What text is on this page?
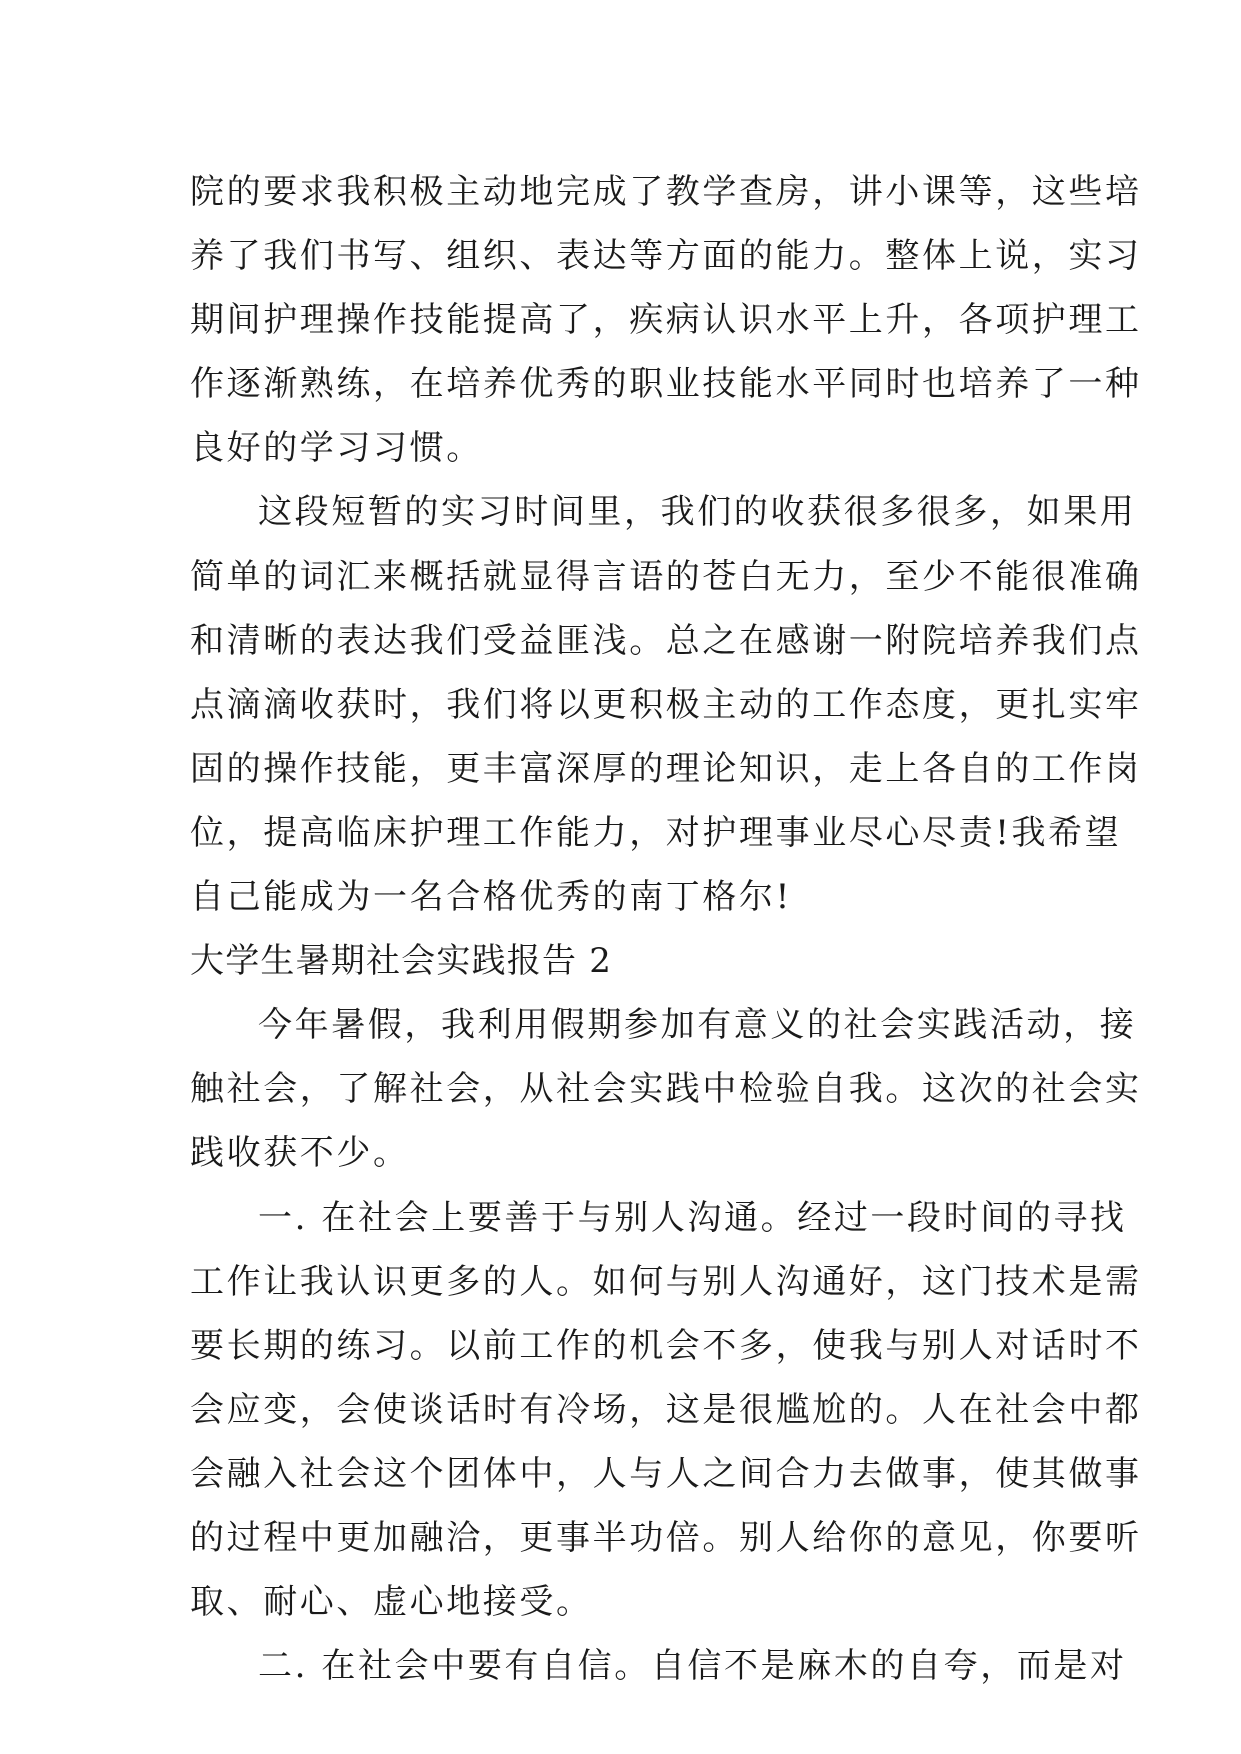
院的要求我积极主动地完成了教学查房，讲小课等，这些培
养了我们书写、组织、表达等方面的能力。整体上说，实习
期间护理操作技能提高了，疾病认识水平上升，各项护理工
作逐渐熟练，在培养优秀的职业技能水平同时也培养了一种
良好的学习习惯。
这段短暂的实习时间里，我们的收获很多很多，如果用
简单的词汇来概括就显得言语的苍白无力，至少不能很准确
和清晰的表达我们受益匪浅。总之在感谢一附院培养我们点
点滴滴收获时，我们将以更积极主动的工作态度，更扎实牢
固的操作技能，更丰富深厚的理论知识，走上各自的工作岗
位，提高临床护理工作能力，对护理事业尽心尽责!我希望
自己能成为一名合格优秀的南丁格尔!
大学生暑期社会实践报告 2
今年暑假，我利用假期参加有意义的社会实践活动，接
触社会，了解社会，从社会实践中检验自我。这次的社会实
践收获不少。
一. 在社会上要善于与别人沟通。经过一段时间的寻找
工作让我认识更多的人。如何与别人沟通好，这门技术是需
要长期的练习。以前工作的机会不多，使我与别人对话时不
会应变，会使谈话时有冷场，这是很尴尬的。人在社会中都
会融入社会这个团体中，人与人之间合力去做事，使其做事
的过程中更加融洽，更事半功倍。别人给你的意见，你要听
取、耐心、虚心地接受。
二. 在社会中要有自信。自信不是麻木的自夸，而是对
